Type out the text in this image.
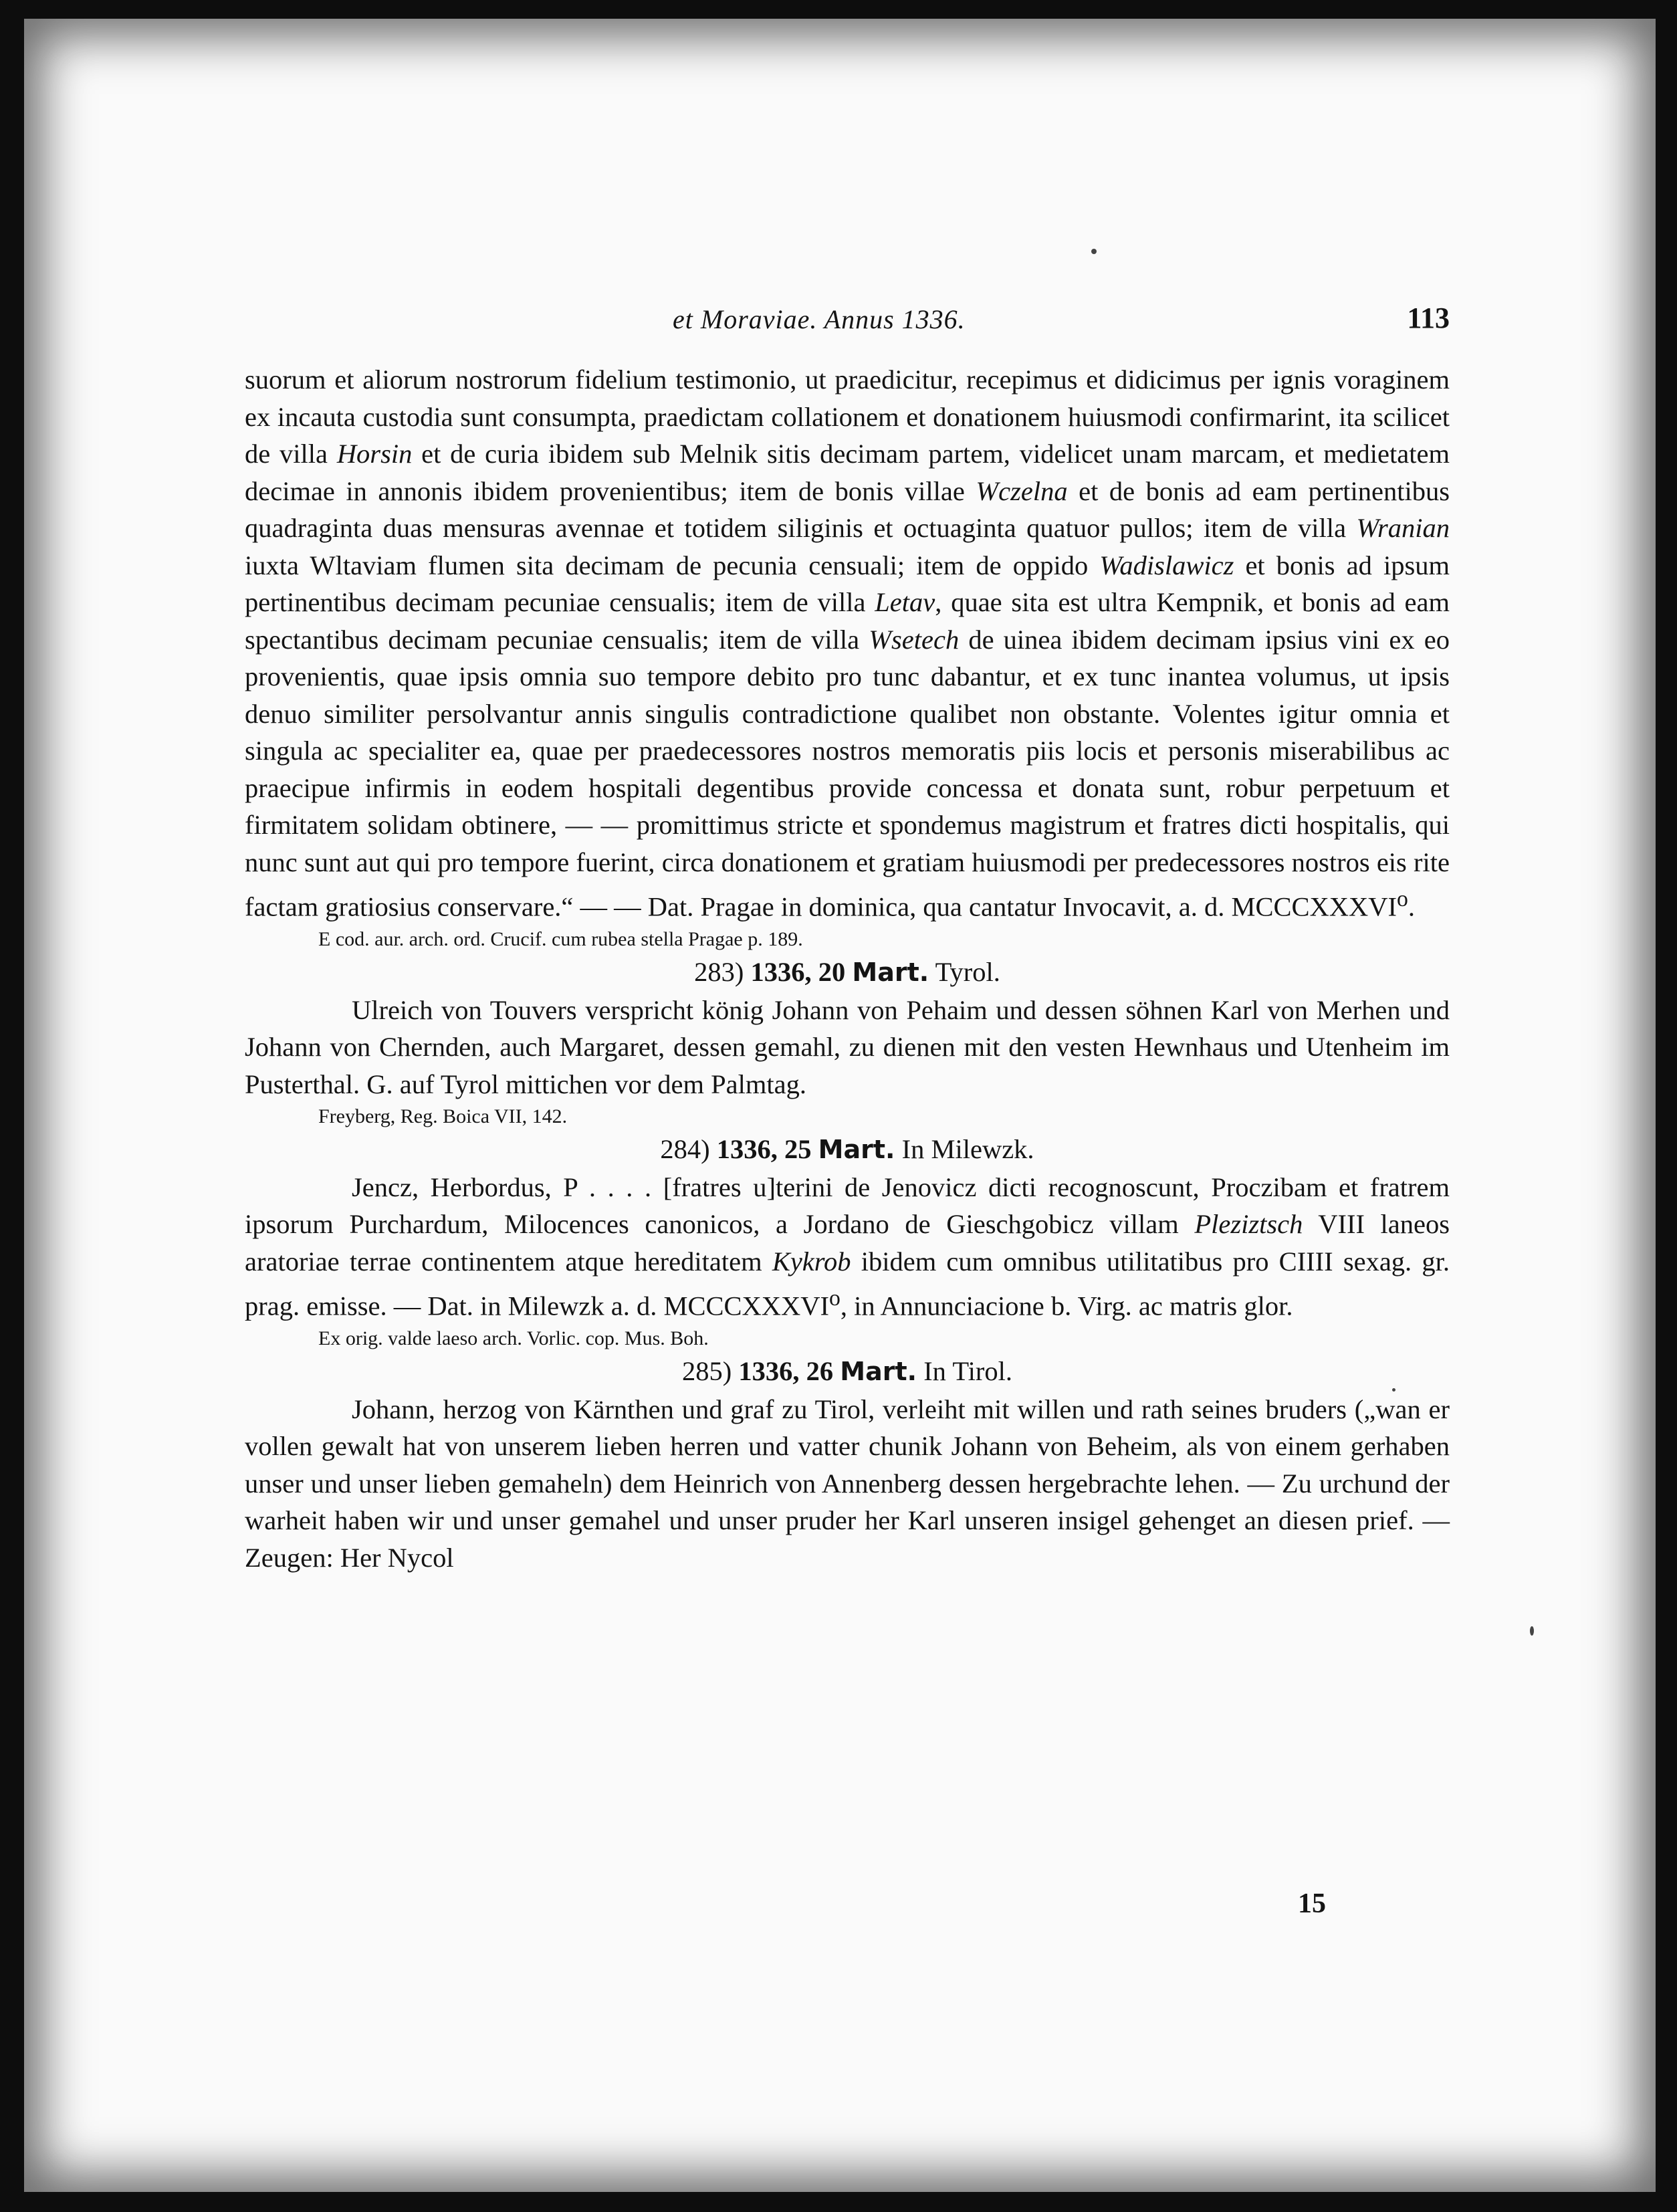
et Moraviae. Annus 1336.	113

suorum et aliorum nostrorum fidelium testimonio, ut praedicitur, recepimus et didicimus per ignis voraginem ex incauta custodia sunt consumpta, praedictam collationem et donationem huiusmodi confirmarint, ita scilicet de villa Horsin et de curia ibidem sub Melnik sitis decimam partem, videlicet unam marcam, et medietatem decimae in annonis ibidem provenientibus; item de bonis villae Wczelna et de bonis ad eam pertinentibus quadraginta duas mensuras avennae et totidem siliginis et octuaginta quatuor pullos; item de villa Wranian iuxta Wltaviam flumen sita decimam de pecunia censuali; item de oppido Wadislawicz et bonis ad ipsum pertinentibus decimam pecuniae censualis; item de villa Letav, quae sita est ultra Kempnik, et bonis ad eam spectantibus decimam pecuniae censualis; item de villa Wsetech de uinea ibidem decimam ipsius vini ex eo provenientis, quae ipsis omnia suo tempore debito pro tunc dabantur, et ex tunc inantea volumus, ut ipsis denuo similiter persolvantur annis singulis contradictione qualibet non obstante. Volentes igitur omnia et singula ac specialiter ea, quae per praedecessores nostros memoratis piis locis et personis miserabilibus ac praecipue infirmis in eodem hospitali degentibus provide concessa et donata sunt, robur perpetuum et firmitatem solidam obtinere, — — promittimus stricte et spondemus magistrum et fratres dicti hospitalis, qui nunc sunt aut qui pro tempore fuerint, circa donationem et gratiam huiusmodi per predecessores nostros eis rite factam gratiosius conservare.“ — — Dat. Pragae in dominica, qua cantatur Invocavit, a. d. MCCCXXXVI$^o$.

E cod. aur. arch. ord. Crucif. cum rubea stella Pragae p. 189.

283) 1336, 20 Mart. Tyrol.

Ulreich von Touvers verspricht könig Johann von Pehaim und dessen söhnen Karl von Merhen und Johann von Chernden, auch Margaret, dessen gemahl, zu dienen mit den vesten Hewnhaus und Utenheim im Pusterthal. G. auf Tyrol mittichen vor dem Palmtag.

Freyberg, Reg. Boica VII, 142.

284) 1336, 25 Mart. In Milewzk.

Jencz, Herbordus, P . . . . [fratres u]terini de Jenovicz dicti recognoscunt, Proczibam et fratrem ipsorum Purchardum, Milocences canonicos, a Jordano de Gieschgobicz villam Pleziztsch VIII laneos aratoriae terrae continentem atque hereditatem Kykrob ibidem cum omnibus utilitatibus pro CIIII sexag. gr. prag. emisse. — Dat. in Milewzk a. d. MCCCXXXVI$^o$, in Annunciacione b. Virg. ac matris glor.

Ex orig. valde laeso arch. Vorlic. cop. Mus. Boh.

285) 1336, 26 Mart. In Tirol.

Johann, herzog von Kärnthen und graf zu Tirol, verleiht mit willen und rath seines bruders („wan er vollen gewalt hat von unserem lieben herren und vatter chunik Johann von Beheim, als von einem gerhaben unser und unser lieben gemaheln) dem Heinrich von Annenberg dessen hergebrachte lehen. — Zu urchund der warheit haben wir und unser gemahel und unser pruder her Karl unseren insigel gehenget an diesen prief. — Zeugen: Her Nycol

15
